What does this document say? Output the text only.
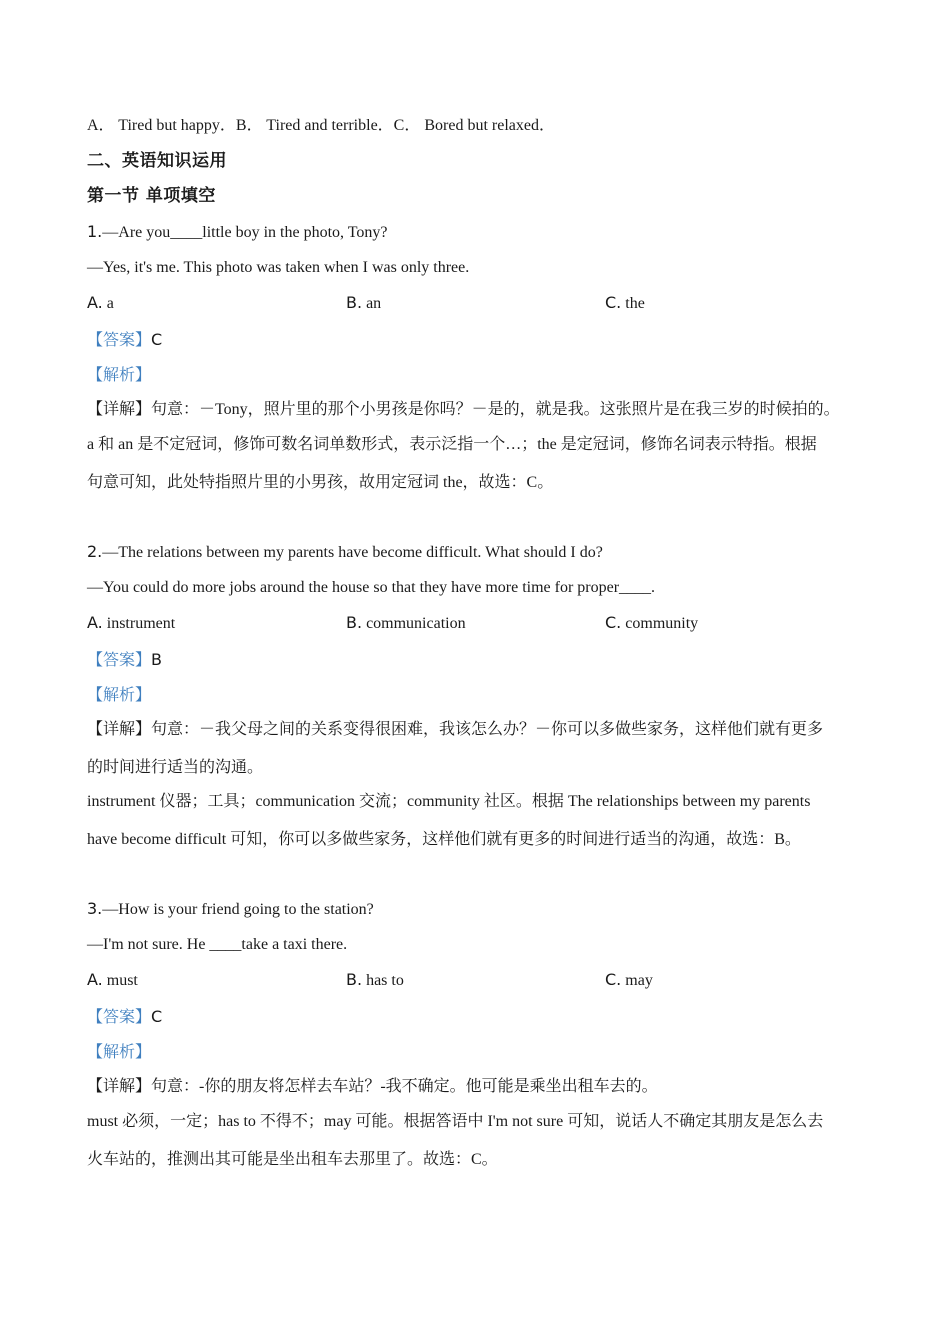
A． Tired but happy．B． Tired and terrible．C． Bored but relaxed．
二、英语知识运用
第一节 单项填空
1.—Are you____little boy in the photo, Tony?
—Yes, it's me. This photo was taken when I was only three.
A. a	B. an	C. the
【答案】C
【解析】
【详解】句意：－Tony，照片里的那个小男孩是你吗？－是的，就是我。这张照片是在我三岁的时候拍的。
a 和 an 是不定冠词，修饰可数名词单数形式，表示泛指一个…；the 是定冠词，修饰名词表示特指。根据
句意可知，此处特指照片里的小男孩，故用定冠词 the，故选：C。
2.—The relations between my parents have become difficult. What should I do?
—You could do more jobs around the house so that they have more time for proper____.
A. instrument	B. communication	C. community
【答案】B
【解析】
【详解】句意：－我父母之间的关系变得很困难，我该怎么办？－你可以多做些家务，这样他们就有更多
的时间进行适当的沟通。
instrument 仪器；工具；communication 交流；community 社区。根据 The relationships between my parents
have become difficult 可知，你可以多做些家务，这样他们就有更多的时间进行适当的沟通，故选：B。
3.—How is your friend going to the station?
—I'm not sure. He ____take a taxi there.
A. must	B. has to	C. may
【答案】C
【解析】
【详解】句意：-你的朋友将怎样去车站？-我不确定。他可能是乘坐出租车去的。
must 必须，一定；has to 不得不；may 可能。根据答语中 I'm not sure 可知，说话人不确定其朋友是怎么去
火车站的，推测出其可能是坐出租车去那里了。故选：C。
